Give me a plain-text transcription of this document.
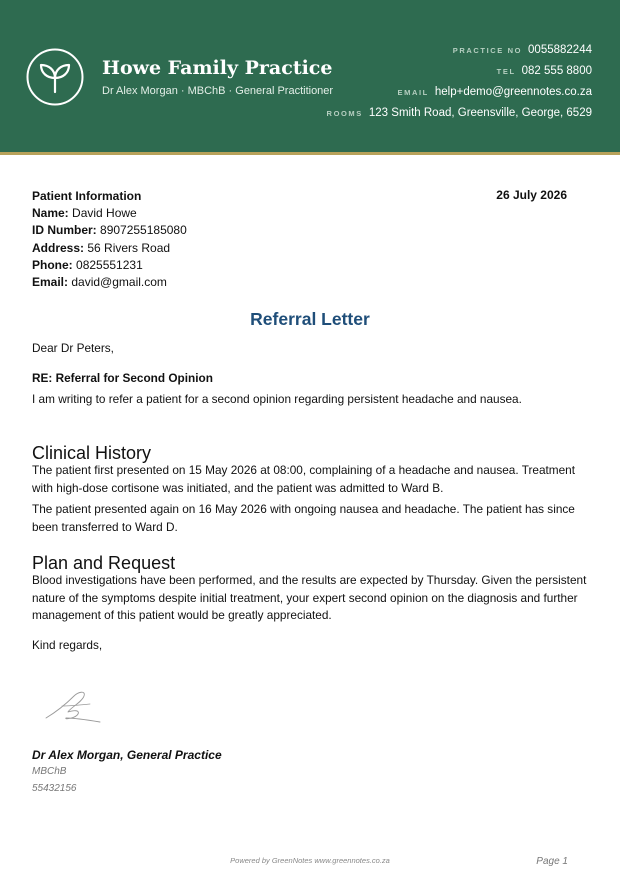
Howe Family Practice
Dr Alex Morgan · MBChB · General Practitioner
PRACTICE NO 0055882244
TEL 082 555 8800
EMAIL help+demo@greennotes.co.za
ROOMS 123 Smith Road, Greensville, George, 6529
Patient Information
Name: David Howe
ID Number: 8907255185080
Address: 56 Rivers Road
Phone: 0825551231
Email: david@gmail.com
26 July 2026
Referral Letter
Dear Dr Peters,
RE: Referral for Second Opinion
I am writing to refer a patient for a second opinion regarding persistent headache and nausea.
Clinical History
The patient first presented on 15 May 2026 at 08:00, complaining of a headache and nausea. Treatment with high-dose cortisone was initiated, and the patient was admitted to Ward B.
The patient presented again on 16 May 2026 with ongoing nausea and headache. The patient has since been transferred to Ward D.
Plan and Request
Blood investigations have been performed, and the results are expected by Thursday. Given the persistent nature of the symptoms despite initial treatment, your expert second opinion on the diagnosis and further management of this patient would be greatly appreciated.
Kind regards,
Dr Alex Morgan, General Practice
MBChB
55432156
Powered by GreenNotes www.greennotes.co.za	Page 1
